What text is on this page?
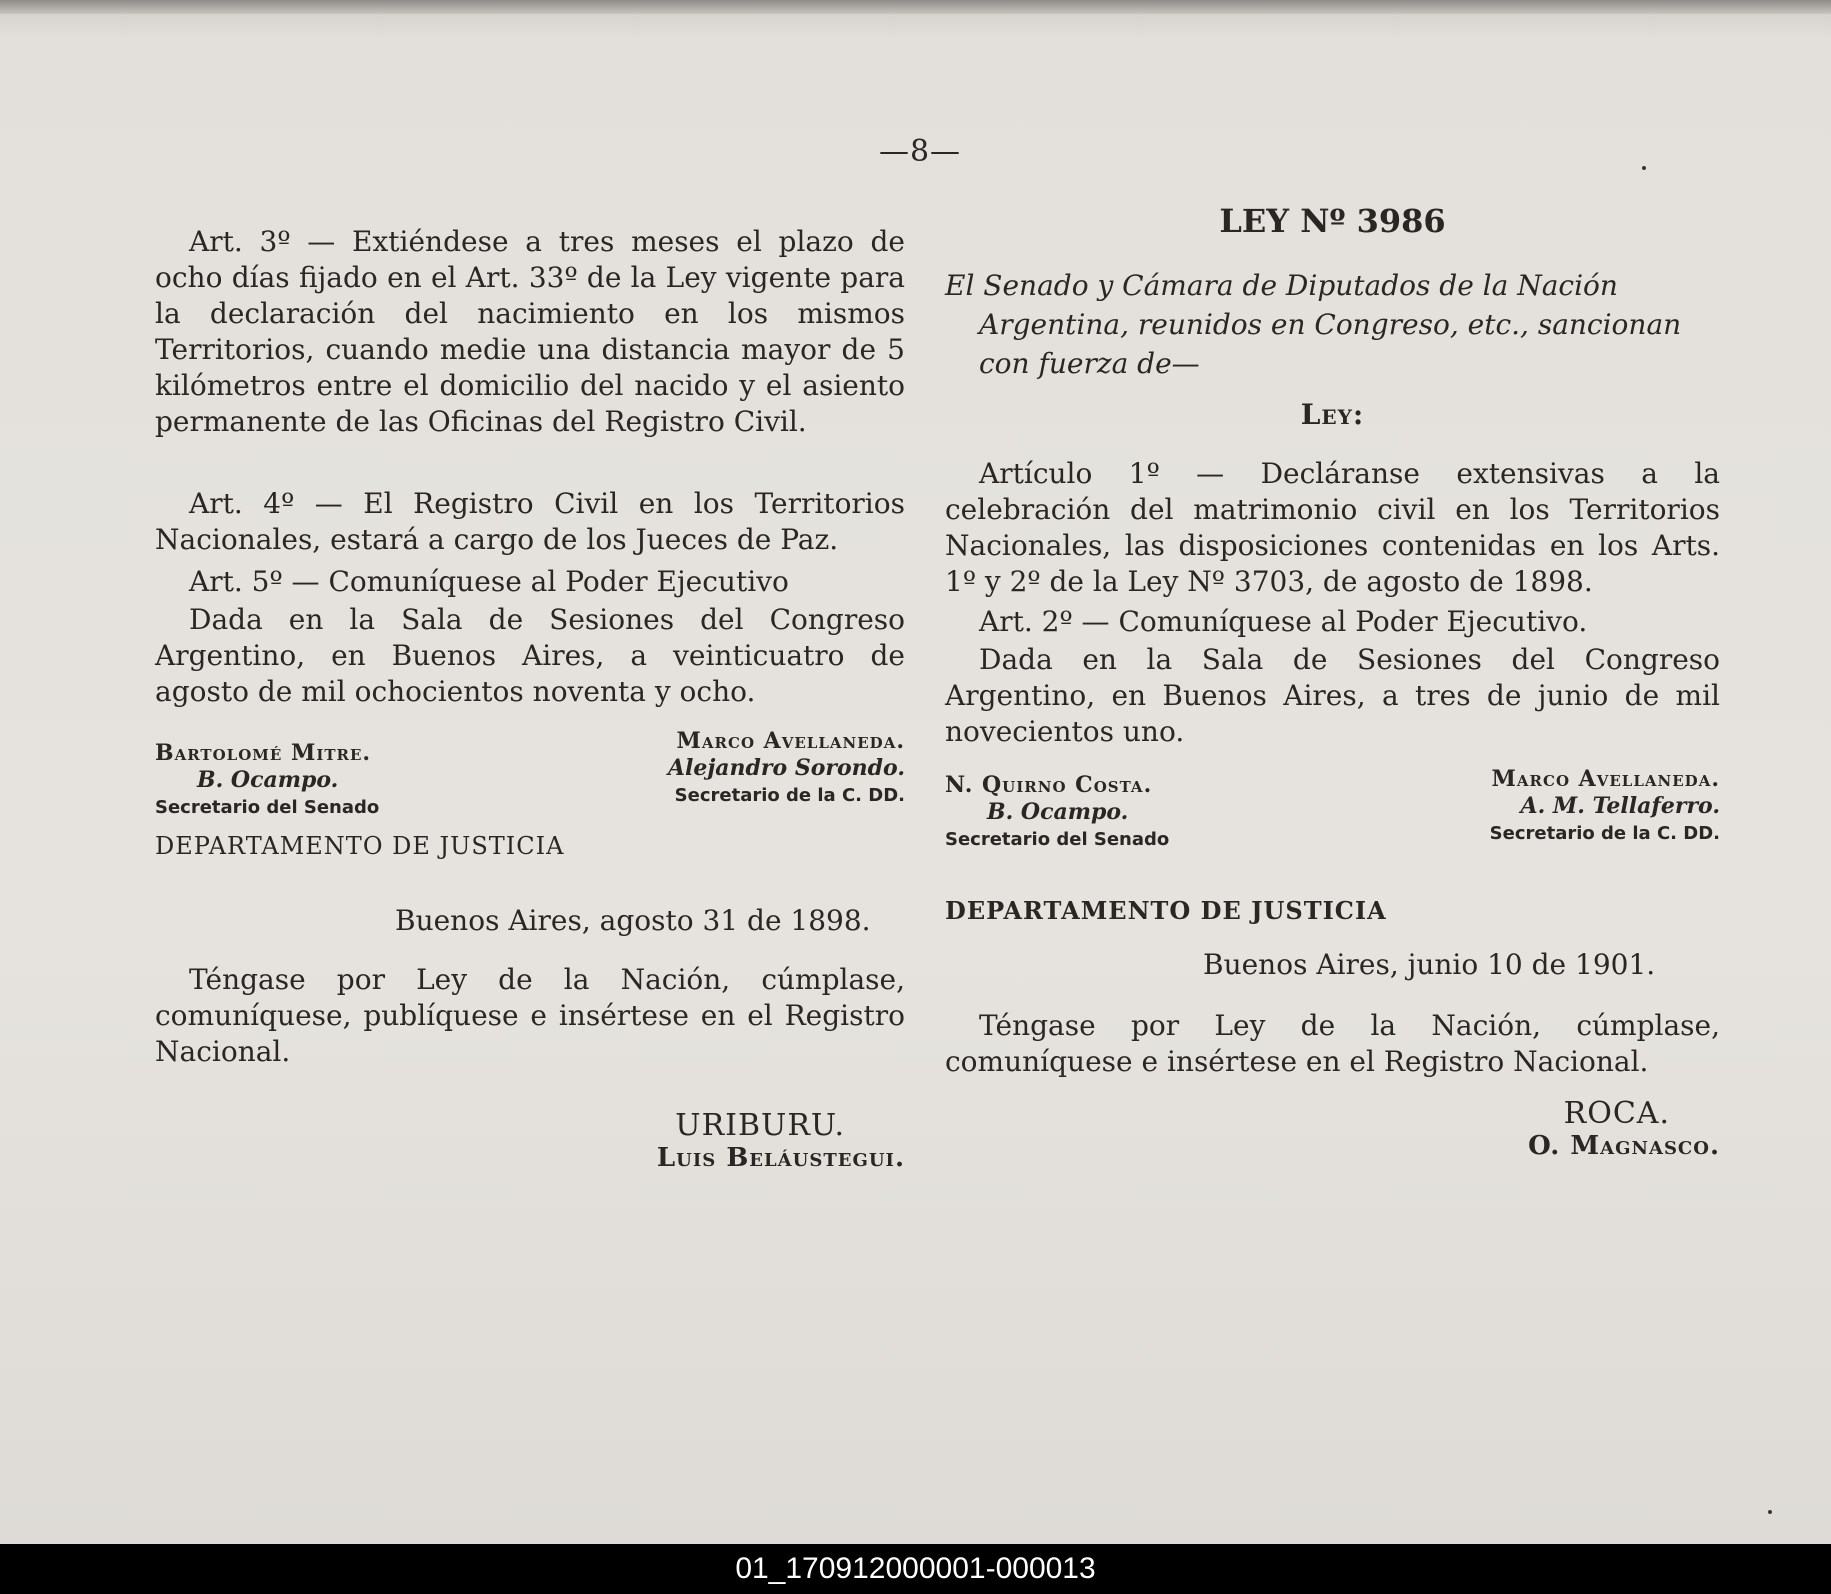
—8—

Art. 3º — Extiéndese a tres meses el plazo de ocho días fijado en el Art. 33º de la Ley vigente para la declaración del nacimiento en los mismos Territorios, cuando medie una distancia mayor de 5 kilómetros entre el domicilio del nacido y el asiento permanente de las Oficinas del Registro Civil.

Art. 4º — El Registro Civil en los Territorios Nacionales, estará a cargo de los Jueces de Paz.

Art. 5º — Comuníquese al Poder Ejecutivo

Dada en la Sala de Sesiones del Congreso Argentino, en Buenos Aires, a veinticuatro de agosto de mil ochocientos noventa y ocho.

Bartolomé Mitre.
B. Ocampo.
Secretario del Senado
Marco Avellaneda.
Alejandro Sorondo.
Secretario de la C. DD.
DEPARTAMENTO DE JUSTICIA
Buenos Aires, agosto 31 de 1898.

Téngase por Ley de la Nación, cúmplase, comuníquese, publíquese e insértese en el Registro Nacional.

URIBURU.
Luis Beláustegui.
LEY Nº 3986
El Senado y Cámara de Diputados de la Nación
Argentina, reunidos en Congreso, etc., sancionan
con fuerza de—
Ley:

Artículo 1º — Decláranse extensivas a la celebración del matrimonio civil en los Territorios Nacionales, las disposiciones contenidas en los Arts. 1º y 2º de la Ley Nº 3703, de agosto de 1898.

Art. 2º — Comuníquese al Poder Ejecutivo.

Dada en la Sala de Sesiones del Congreso Argentino, en Buenos Aires, a tres de junio de mil novecientos uno.

N. Quirno Costa.
B. Ocampo.
Secretario del Senado
Marco Avellaneda.
A. M. Tellaferro.
Secretario de la C. DD.
DEPARTAMENTO DE JUSTICIA
Buenos Aires, junio 10 de 1901.

Téngase por Ley de la Nación, cúmplase, comuníquese e insértese en el Registro Nacional.

ROCA.
O. Magnasco.
01_170912000001-000013
